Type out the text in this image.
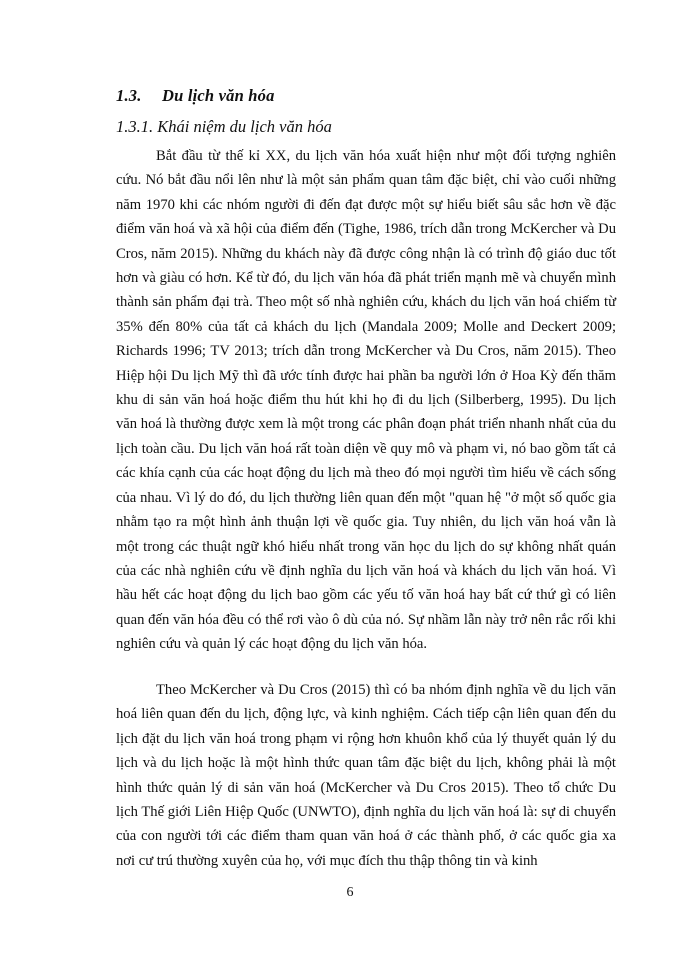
1.3. Du lịch văn hóa
1.3.1. Khái niệm du lịch văn hóa

Bắt đầu từ thế kỉ XX, du lịch văn hóa xuất hiện như một đối tượng nghiên cứu. Nó bắt đầu nổi lên như là một sản phẩm quan tâm đặc biệt, chỉ vào cuối những năm 1970 khi các nhóm người đi đến đạt được một sự hiểu biết sâu sắc hơn về đặc điểm văn hoá và xã hội của điểm đến (Tighe, 1986, trích dẫn trong McKercher và Du Cros, năm 2015). Những du khách này đã được công nhận là có trình độ giáo duc tốt hơn và giàu có hơn. Kể từ đó, du lịch văn hóa đã phát triển mạnh mẽ và chuyển mình thành sản phẩm đại trà. Theo một số nhà nghiên cứu, khách du lịch văn hoá chiếm từ 35% đến 80% của tất cả khách du lịch (Mandala 2009; Molle and Deckert 2009; Richards 1996; TV 2013; trích dẫn trong McKercher và Du Cros, năm 2015). Theo Hiệp hội Du lịch Mỹ thì đã ước tính được hai phần ba người lớn ở Hoa Kỳ đến thăm khu di sản văn hoá hoặc điểm thu hút khi họ đi du lịch (Silberberg, 1995). Du lịch văn hoá là thường được xem là một trong các phân đoạn phát triển nhanh nhất của du lịch toàn cầu. Du lịch văn hoá rất toàn diện về quy mô và phạm vi, nó bao gồm tất cả các khía cạnh của các hoạt động du lịch mà theo đó mọi người tìm hiểu về cách sống của nhau. Vì lý do đó, du lịch thường liên quan đến một "quan hệ "ở một số quốc gia nhằm tạo ra một hình ảnh thuận lợi về quốc gia. Tuy nhiên, du lịch văn hoá vẫn là một trong các thuật ngữ khó hiểu nhất trong văn học du lịch do sự không nhất quán của các nhà nghiên cứu về định nghĩa du lịch văn hoá và khách du lịch văn hoá. Vì hầu hết các hoạt động du lịch bao gồm các yếu tố văn hoá hay bất cứ thứ gì có liên quan đến văn hóa đều có thể rơi vào ô dù của nó. Sự nhầm lẫn này trở nên rắc rối khi nghiên cứu và quản lý các hoạt động du lịch văn hóa.

Theo McKercher và Du Cros (2015) thì có ba nhóm định nghĩa về du lịch văn hoá liên quan đến du lịch, động lực, và kinh nghiệm. Cách tiếp cận liên quan đến du lịch đặt du lịch văn hoá trong phạm vi rộng hơn khuôn khổ của lý thuyết quản lý du lịch và du lịch hoặc là một hình thức quan tâm đặc biệt du lịch, không phải là một hình thức quản lý di sản văn hoá (McKercher và Du Cros 2015). Theo tổ chức Du lịch Thế giới Liên Hiệp Quốc (UNWTO), định nghĩa du lịch văn hoá là: sự di chuyển của con người tới các điểm tham quan văn hoá ở các thành phố, ở các quốc gia xa nơi cư trú thường xuyên của họ, với mục đích thu thập thông tin và kinh

6
